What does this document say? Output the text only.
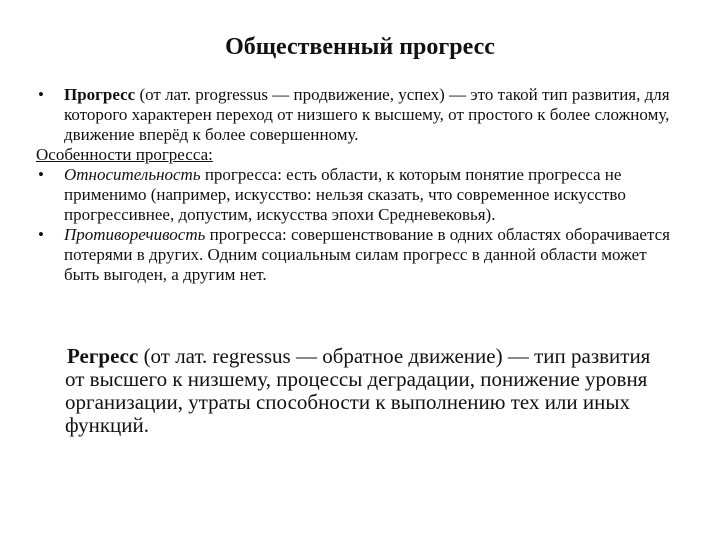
Общественный прогресс
•	Прогресс (от лат. progressus — продвижение, успех) — это такой тип развития, для которого характерен переход от низшего к высшему, от простого к более сложному, движение вперёд к более совершенному.
Особенности прогресса:
•	Относительность прогресса: есть области, к которым понятие прогресса не применимо (например, искусство: нельзя сказать, что современное искусство прогрессивнее, допустим, искусства эпохи Средневековья).
•	Противоречивость прогресса: совершенствование в одних областях оборачивается потерями в других. Одним социальным силам прогресс в данной области может быть выгоден, а другим нет.
Регресс (от лат. regressus — обратное движение) — тип развития от высшего к низшему, процессы деградации, понижение уровня организации, утраты способности к выполнению тех или иных функций.
